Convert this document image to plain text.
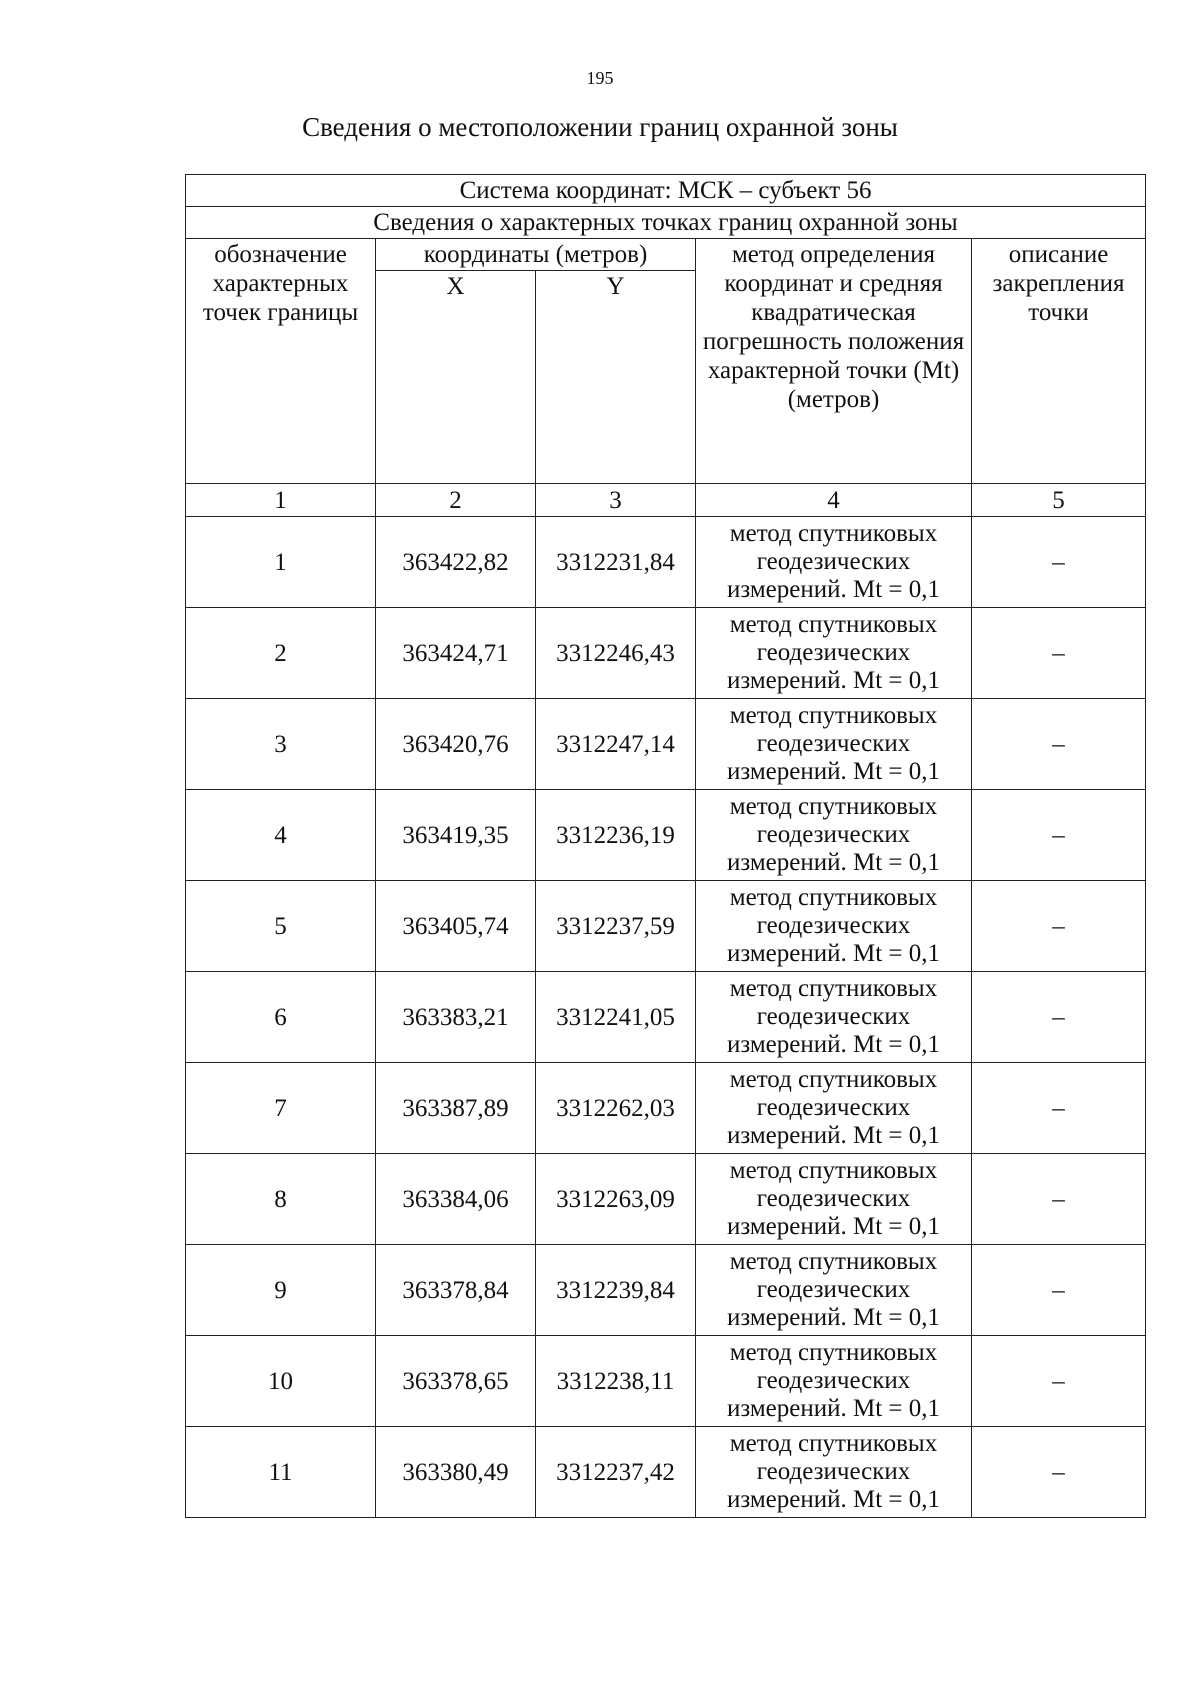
195
Сведения о местоположении границ охранной зоны
Система координат: МСК – субъект 56				
Сведения о характерных точках границ охранной зоны				
обозначение характерных точек границы	координаты (метров)		метод определения координат и средняя квадратическая погрешность положения характерной точки (Mt) (метров)	описание закрепления точки
	X	Y		
1	2	3	4	5
1	363422,82	3312231,84	метод спутниковых геодезических измерений. Mt = 0,1	–
2	363424,71	3312246,43	метод спутниковых геодезических измерений. Mt = 0,1	–
3	363420,76	3312247,14	метод спутниковых геодезических измерений. Mt = 0,1	–
4	363419,35	3312236,19	метод спутниковых геодезических измерений. Mt = 0,1	–
5	363405,74	3312237,59	метод спутниковых геодезических измерений. Mt = 0,1	–
6	363383,21	3312241,05	метод спутниковых геодезических измерений. Mt = 0,1	–
7	363387,89	3312262,03	метод спутниковых геодезических измерений. Mt = 0,1	–
8	363384,06	3312263,09	метод спутниковых геодезических измерений. Mt = 0,1	–
9	363378,84	3312239,84	метод спутниковых геодезических измерений. Mt = 0,1	–
10	363378,65	3312238,11	метод спутниковых геодезических измерений. Mt = 0,1	–
11	363380,49	3312237,42	метод спутниковых геодезических измерений. Mt = 0,1	–
